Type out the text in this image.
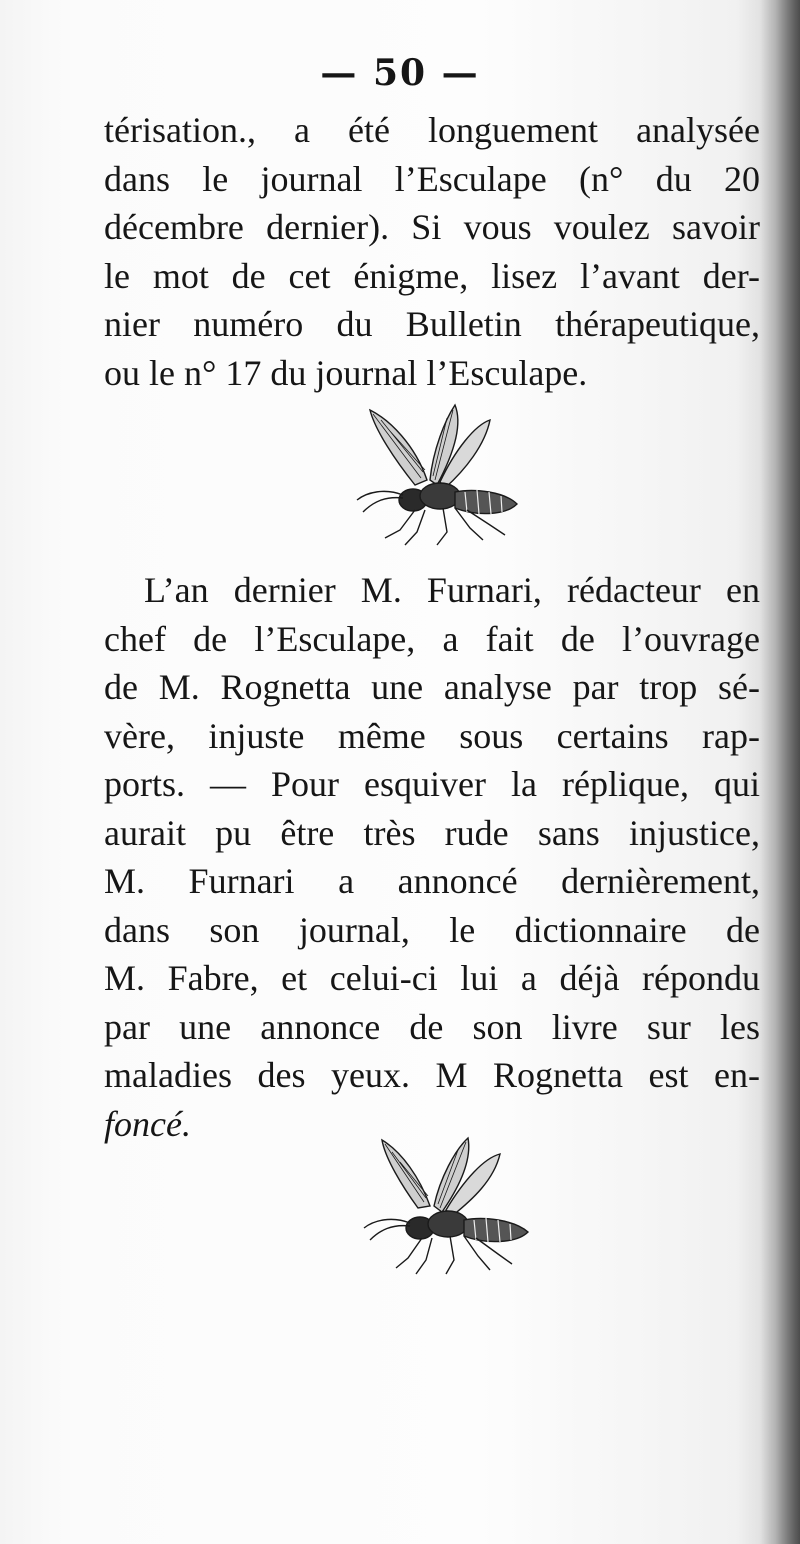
— 50 —
térisation., a été longuement analysée
dans le journal l’Esculape (n° du 20
décembre dernier). Si vous voulez savoir
le mot de cet énigme, lisez l’avant der-
nier numéro du Bulletin thérapeutique,
ou le n° 17 du journal l’Esculape.
L’an dernier M. Furnari, rédacteur en
chef de l’Esculape, a fait de l’ouvrage
de M. Rognetta une analyse par trop sé-
vère, injuste même sous certains rap-
ports. — Pour esquiver la réplique, qui
aurait pu être très rude sans injustice,
M. Furnari a annoncé dernièrement,
dans son journal, le dictionnaire de
M. Fabre, et celui-ci lui a déjà répondu
par une annonce de son livre sur les
maladies des yeux. M Rognetta est en-
foncé.
